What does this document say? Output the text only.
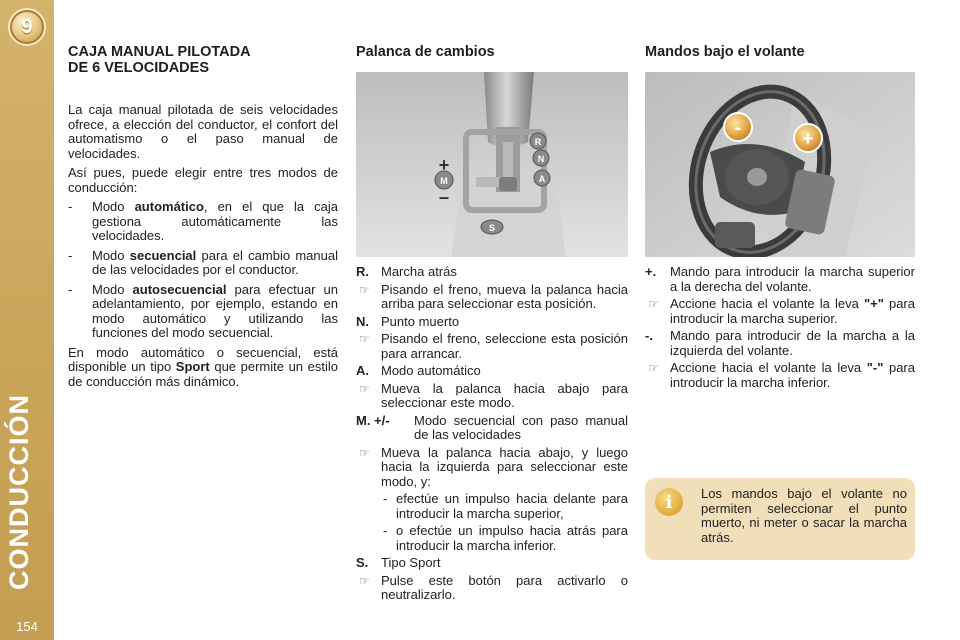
9
CONDUCCIÓN
154
CAJA MANUAL PILOTADA
DE 6 VELOCIDADES

La caja manual pilotada de seis velocidades ofrece, a elección del conductor, el confort del automatismo o el paso manual de velocidades.

Así pues, puede elegir entre tres modos de conducción:

- Modo automático, en el que la caja gestiona automáticamente las velocidades.
- Modo secuencial para el cambio manual de las velocidades por el conductor.
- Modo autosecuencial para efectuar un adelantamiento, por ejemplo, estando en modo automático y utilizando las funciones del modo secuencial.

En modo automático o secuencial, está disponible un tipo Sport que permite un estilo de conducción más dinámico.

Palanca de cambios
R
N
A
M
+
–
S
R. Marcha atrás
☞ Pisando el freno, mueva la palanca hacia arriba para seleccionar esta posición.
N. Punto muerto
☞ Pisando el freno, seleccione esta posición para arrancar.
A. Modo automático
☞ Mueva la palanca hacia abajo para seleccionar este modo.
M. +/- Modo secuencial con paso manual de las velocidades
☞ Mueva la palanca hacia abajo, y luego hacia la izquierda para seleccionar este modo, y:
- efectúe un impulso hacia delante para introducir la marcha superior,
- o efectúe un impulso hacia atrás para introducir la marcha inferior.
S. Tipo Sport
☞ Pulse este botón para activarlo o neutralizarlo.
Mandos bajo el volante
-	+
+. Mando para introducir la marcha superior a la derecha del volante.
☞ Accione hacia el volante la leva "+" para introducir la marcha superior.
-. Mando para introducir de la marcha a la izquierda del volante.
☞ Accione hacia el volante la leva "-" para introducir la marcha inferior.
i	Los mandos bajo el volante no permiten seleccionar el punto muerto, ni meter o sacar la marcha atrás.
